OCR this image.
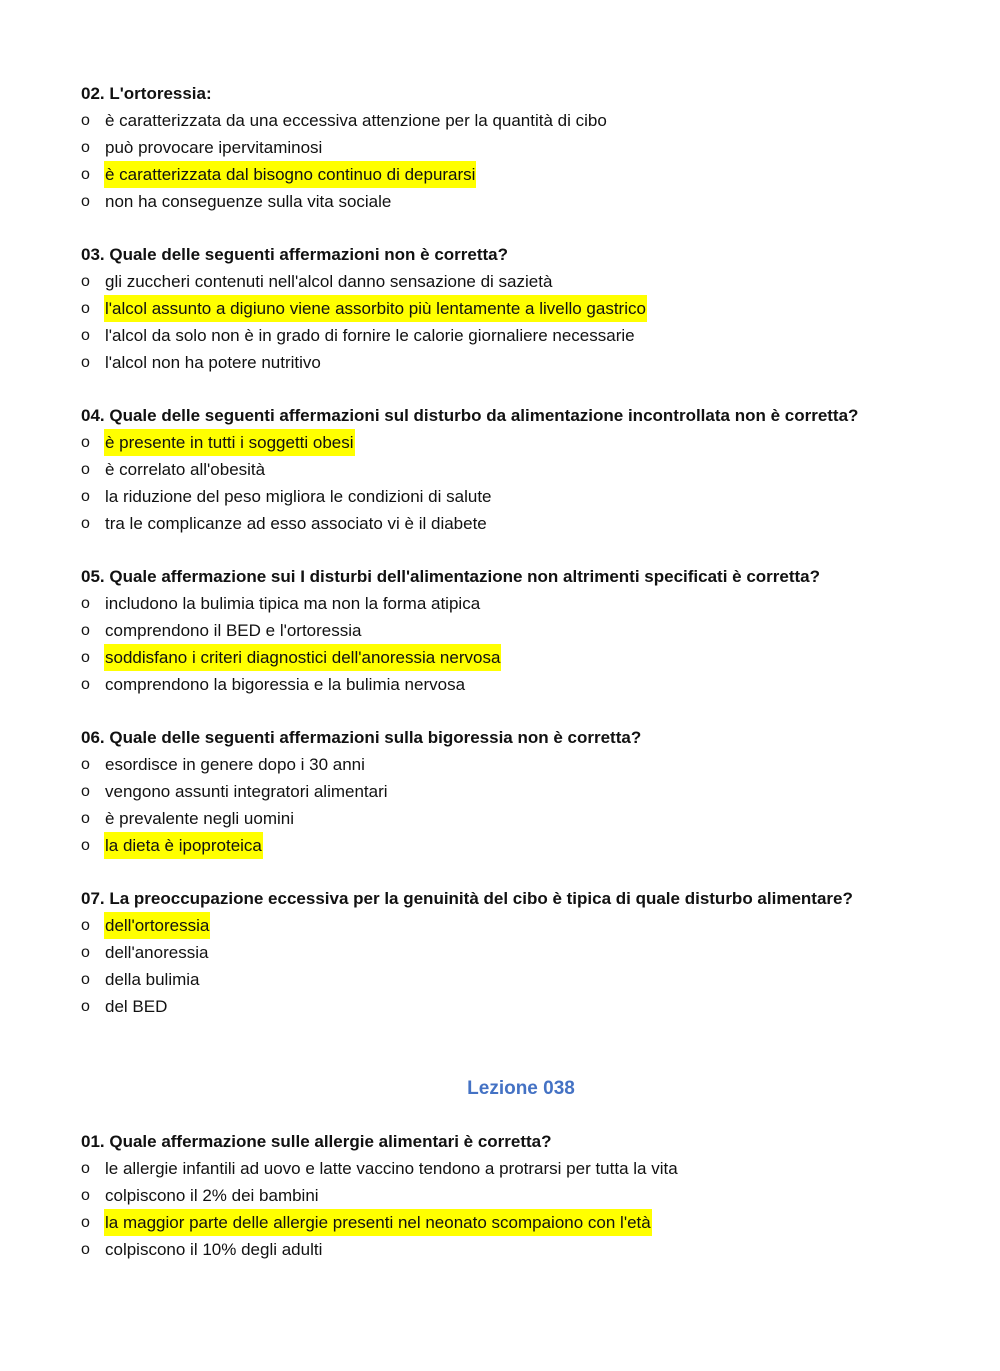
02. L'ortoressia:
o è caratterizzata da una eccessiva attenzione per la quantità di cibo
o può provocare ipervitaminosi
o è caratterizzata dal bisogno continuo di depurarsi
o non ha conseguenze sulla vita sociale
03. Quale delle seguenti affermazioni non è corretta?
o gli zuccheri contenuti nell'alcol danno sensazione di sazietà
o l'alcol assunto a digiuno viene assorbito più lentamente a livello gastrico
o l'alcol da solo non è in grado di fornire le calorie giornaliere necessarie
o l'alcol non ha potere nutritivo
04. Quale delle seguenti affermazioni sul disturbo da alimentazione incontrollata non è corretta?
o è presente in tutti i soggetti obesi
o è correlato all'obesità
o la riduzione del peso migliora le condizioni di salute
o tra le complicanze ad esso associato vi è il diabete
05. Quale affermazione sui I disturbi dell'alimentazione non altrimenti specificati è corretta?
o includono la bulimia tipica ma non la forma atipica
o comprendono il BED e l'ortoressia
o soddisfano i criteri diagnostici dell'anoressia nervosa
o comprendono la bigoressia e la bulimia nervosa
06. Quale delle seguenti affermazioni sulla bigoressia non è corretta?
o esordisce in genere dopo i 30 anni
o vengono assunti integratori alimentari
o è prevalente negli uomini
o la dieta è ipoproteica
07. La preoccupazione eccessiva per la genuinità del cibo è tipica di quale disturbo alimentare?
o dell'ortoressia
o dell'anoressia
o della bulimia
o del BED
Lezione 038
01. Quale affermazione sulle allergie alimentari è corretta?
o le allergie infantili ad uovo e latte vaccino tendono a protrarsi per tutta la vita
o colpiscono il 2% dei bambini
o la maggior parte delle allergie presenti nel neonato scompaiono con l'età
o colpiscono il 10% degli adulti
